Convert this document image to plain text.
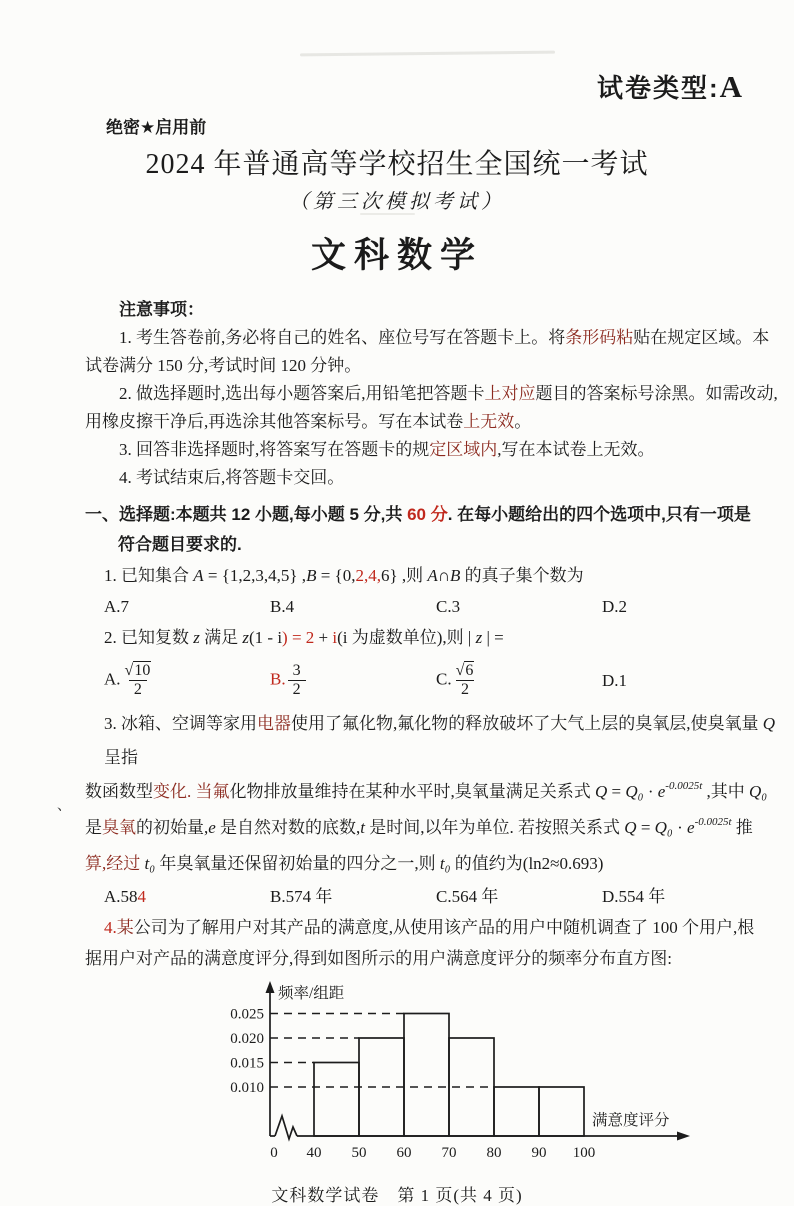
、
试卷类型:A
绝密★启用前
2024 年普通高等学校招生全国统一考试
（第三次模拟考试）
文科数学

注意事项：

1. 考生答卷前,务必将自己的姓名、座位号写在答题卡上。将条形码粘贴在规定区域。本试卷满分 150 分,考试时间 120 分钟。

2. 做选择题时,选出每小题答案后,用铅笔把答题卡上对应题目的答案标号涂黑。如需改动,用橡皮擦干净后,再选涂其他答案标号。写在本试卷上无效。

3. 回答非选择题时,将答案写在答题卡的规定区域内,写在本试卷上无效。

4. 考试结束后,将答题卡交回。

一、选择题:本题共 12 小题,每小题 5 分,共 60 分. 在每小题给出的四个选项中,只有一项是
符合题目要求的.
1. 已知集合 A = {1,2,3,4,5} ,B = {0,2,4,6} ,则 A∩B 的真子集个数为
A.7	B.4	C.3	D.2
2. 已知复数 z 满足 z(1 - i) = 2 + i(i 为虚数单位),则 | z | =
A. $\frac{√10}{2}$	B. $\frac{3}{2}$	C. $\frac{√6}{2}$	D.1
3. 冰箱、空调等家用电器使用了氟化物,氟化物的释放破坏了大气上层的臭氧层,使臭氧量 Q 呈指
数函数型变化. 当氟化物排放量维持在某种水平时,臭氧量满足关系式 $Q = Q_0 \cdot e^{-0.0025t}$ ,其中 Q₀
是臭氧的初始量,e 是自然对数的底数,t 是时间,以年为单位. 若按照关系式 $Q = Q_0 \cdot e^{-0.0025t}$ 推
算,经过 t₀ 年臭氧量还保留初始量的四分之一,则 t₀ 的值约为(ln2≈0.693)
A.584	B.574 年	C.564 年	D.554 年
4.某公司为了解用户对其产品的满意度,从使用该产品的用户中随机调查了 100 个用户,根
据用户对产品的满意度评分,得到如图所示的用户满意度评分的频率分布直方图:
0.010
0.015
0.020
0.025
0 40 50 60 70 80 90 100
频率/组距
满意度评分
文科数学试卷　第 1 页(共 4 页)
